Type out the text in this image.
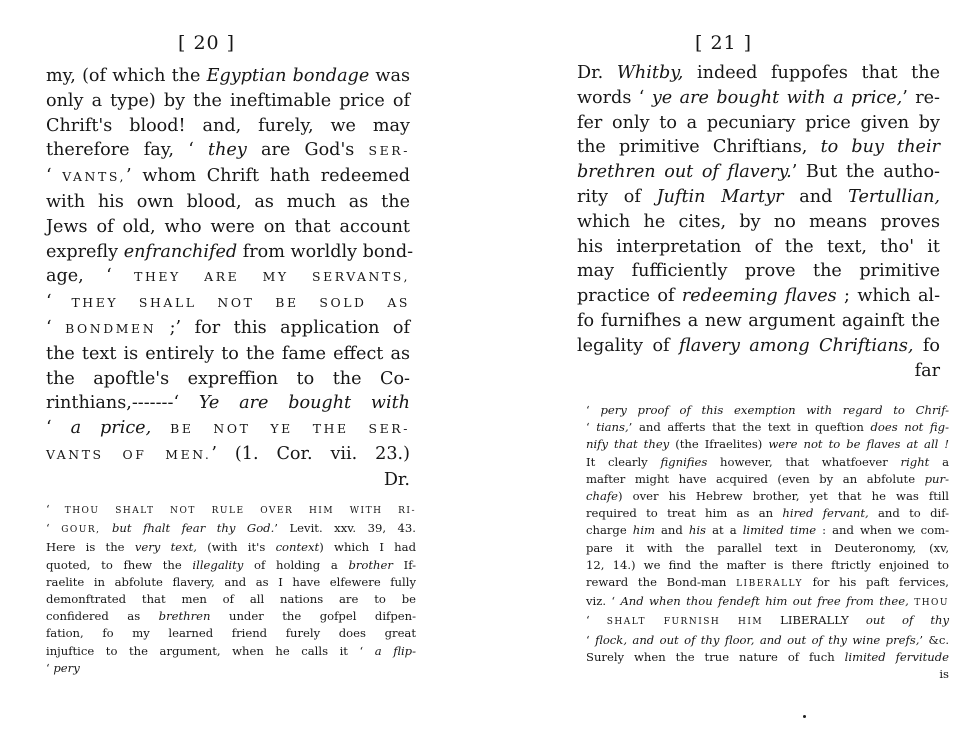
[ 20 ]
my, (of which the Egyptian bondage was
only a type) by the ineftimable price of
Chrift's blood! and, furely, we may
therefore fay, ‘ they are God's SER-
‘ VANTS,’ whom Chrift hath redeemed
with his own blood, as much as the
Jews of old, who were on that account
exprefly enfranchifed from worldly bond-
age, ‘ THEY ARE MY SERVANTS,
‘ THEY SHALL NOT BE SOLD AS
‘ BONDMEN ;’ for this application of
the text is entirely to the fame effect as
the apoftle's expreffion to the Co-
rinthians,-------‘ Ye are bought with
‘ a price, BE NOT YE THE SER-
VANTS OF MEN.’ (1. Cor. vii. 23.)
Dr.
‘ THOU SHALT NOT RULE OVER HIM WITH RI-
‘ GOUR, but fhalt fear thy God.’ Levit. xxv. 39, 43.
Here is the very text, (with it's context) which I had
quoted, to fhew the illegality of holding a brother If-
raelite in abfolute flavery, and as I have elfewere fully
demonftrated that men of all nations are to be
confidered as brethren under the gofpel difpen-
fation, fo my learned friend furely does great
injuftice to the argument, when he calls it ‘ a flip-
‘ pery
[ 21 ]
Dr. Whitby, indeed fuppofes that the
words ‘ ye are bought with a price,’ re-
fer only to a pecuniary price given by
the primitive Chriftians, to buy their
brethren out of flavery.’ But the autho-
rity of Juftin Martyr and Tertullian,
which he cites, by no means proves
his interpretation of the text, tho' it
may fufficiently prove the primitive
practice of redeeming flaves ; which al-
fo furnifhes a new argument againft the
legality of flavery among Chriftians, fo
far
‘ pery proof of this exemption with regard to Chrif-
‘ tians,’ and afferts that the text in queftion does not fig-
nify that they (the Ifraelites) were not to be flaves at all !
It clearly fignifies however, that whatfoever right a
mafter might have acquired (even by an abfolute pur-
chafe) over his Hebrew brother, yet that he was ftill
required to treat him as an hired fervant, and to dif-
charge him and his at a limited time : and when we com-
pare it with the parallel text in Deuteronomy, (xv,
12, 14.) we find the mafter is there ftrictly enjoined to
reward the Bond-man LIBERALLY for his paft fervices,
viz. ‘ And when thou fendeft him out free from thee, THOU
‘ SHALT FURNISH HIM LIBERALLY out of thy
‘ flock, and out of thy floor, and out of thy wine prefs,’ &c.
Surely when the true nature of fuch limited fervitude
is
